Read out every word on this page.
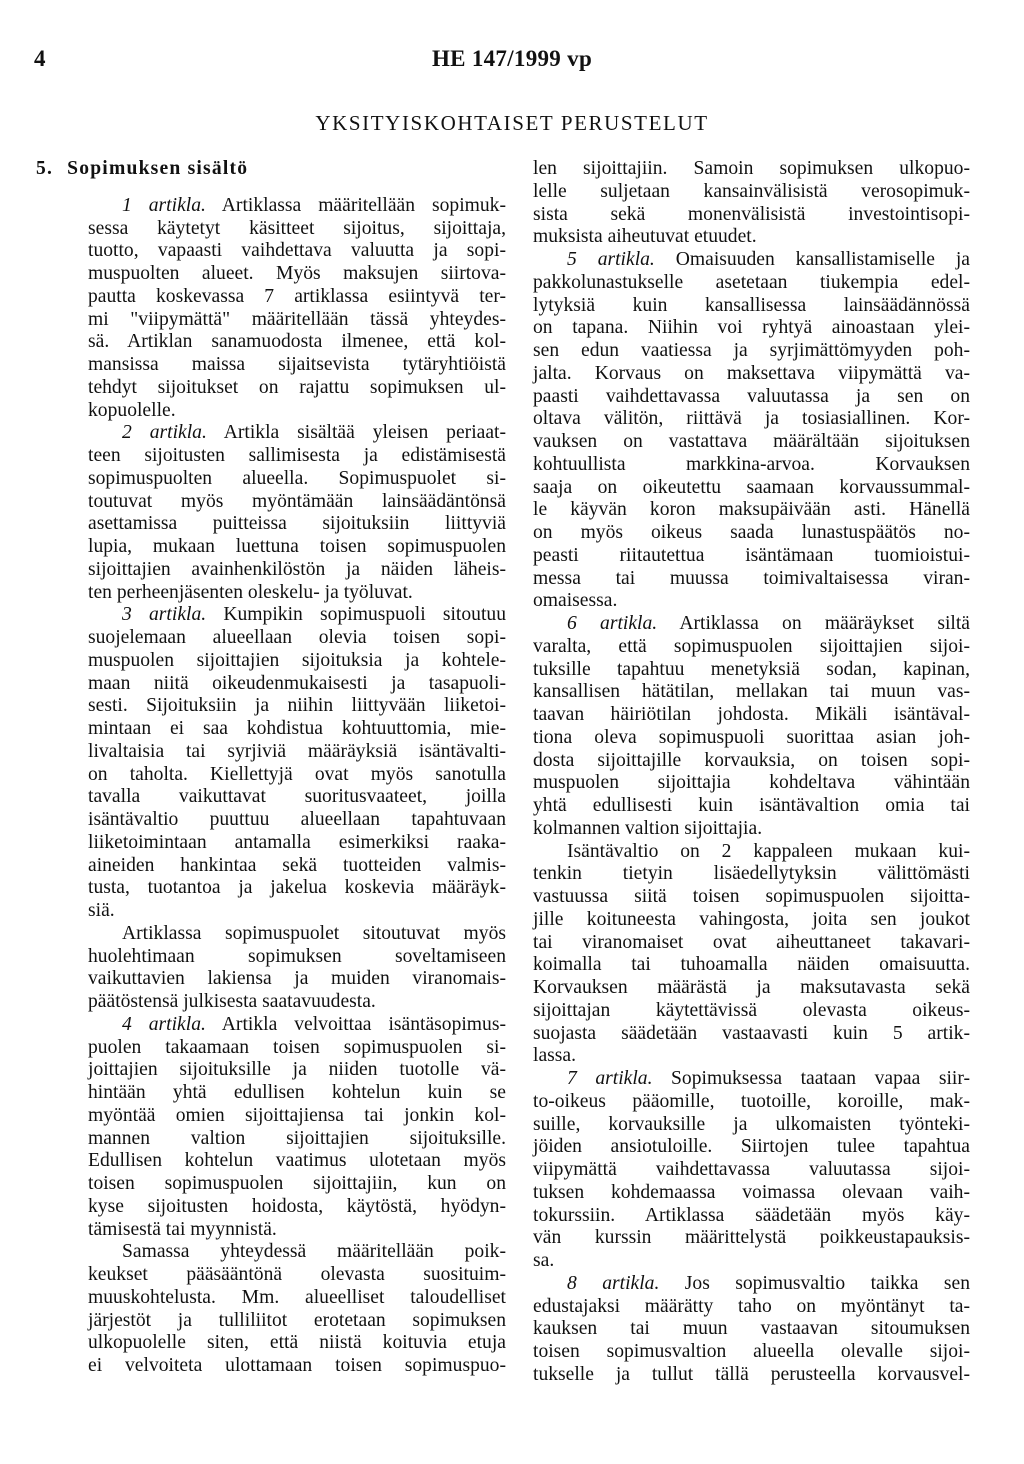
4	HE 147/1999 vp
YKSITYISKOHTAISET PERUSTELUT
5. Sopimuksen sisältö
1 artikla. Artiklassa määritellään sopimuk-
sessa käytetyt käsitteet sijoitus, sijoittaja,
tuotto, vapaasti vaihdettava valuutta ja sopi-
muspuolten alueet. Myös maksujen siirtova-
pautta koskevassa 7 artiklassa esiintyvä ter-
mi "viipymättä" määritellään tässä yhteydes-
sä. Artiklan sanamuodosta ilmenee, että kol-
mansissa maissa sijaitsevista tytäryhtiöistä
tehdyt sijoitukset on rajattu sopimuksen ul-
kopuolelle.
2 artikla. Artikla sisältää yleisen periaat-
teen sijoitusten sallimisesta ja edistämisestä
sopimuspuolten alueella. Sopimuspuolet si-
toutuvat myös myöntämään lainsäädäntönsä
asettamissa puitteissa sijoituksiin liittyviä
lupia, mukaan luettuna toisen sopimuspuolen
sijoittajien avainhenkilöstön ja näiden läheis-
ten perheenjäsenten oleskelu- ja työluvat.
3 artikla. Kumpikin sopimuspuoli sitoutuu
suojelemaan alueellaan olevia toisen sopi-
muspuolen sijoittajien sijoituksia ja kohtele-
maan niitä oikeudenmukaisesti ja tasapuoli-
sesti. Sijoituksiin ja niihin liittyvään liiketoi-
mintaan ei saa kohdistua kohtuuttomia, mie-
livaltaisia tai syrjiviä määräyksiä isäntävalti-
on taholta. Kiellettyjä ovat myös sanotulla
tavalla vaikuttavat suoritusvaateet, joilla
isäntävaltio puuttuu alueellaan tapahtuvaan
liiketoimintaan antamalla esimerkiksi raaka-
aineiden hankintaa sekä tuotteiden valmis-
tusta, tuotantoa ja jakelua koskevia määräyk-
siä.
Artiklassa sopimuspuolet sitoutuvat myös
huolehtimaan sopimuksen soveltamiseen
vaikuttavien lakiensa ja muiden viranomais-
päätöstensä julkisesta saatavuudesta.
4 artikla. Artikla velvoittaa isäntäsopimus-
puolen takaamaan toisen sopimuspuolen si-
joittajien sijoituksille ja niiden tuotolle vä-
hintään yhtä edullisen kohtelun kuin se
myöntää omien sijoittajiensa tai jonkin kol-
mannen valtion sijoittajien sijoituksille.
Edullisen kohtelun vaatimus ulotetaan myös
toisen sopimuspuolen sijoittajiin, kun on
kyse sijoitusten hoidosta, käytöstä, hyödyn-
tämisestä tai myynnistä.
Samassa yhteydessä määritellään poik-
keukset pääsääntönä olevasta suosituim-
muuskohtelusta. Mm. alueelliset taloudelliset
järjestöt ja tulliliitot erotetaan sopimuksen
ulkopuolelle siten, että niistä koituvia etuja
ei velvoiteta ulottamaan toisen sopimuspuo-
len sijoittajiin. Samoin sopimuksen ulkopuo-
lelle suljetaan kansainvälisistä verosopimuk-
sista sekä monenvälisistä investointisopi-
muksista aiheutuvat etuudet.
5 artikla. Omaisuuden kansallistamiselle ja
pakkolunastukselle asetetaan tiukempia edel-
lytyksiä kuin kansallisessa lainsäädännössä
on tapana. Niihin voi ryhtyä ainoastaan ylei-
sen edun vaatiessa ja syrjimättömyyden poh-
jalta. Korvaus on maksettava viipymättä va-
paasti vaihdettavassa valuutassa ja sen on
oltava välitön, riittävä ja tosiasiallinen. Kor-
vauksen on vastattava määrältään sijoituksen
kohtuullista markkina-arvoa. Korvauksen
saaja on oikeutettu saamaan korvaussummal-
le käyvän koron maksupäivään asti. Hänellä
on myös oikeus saada lunastuspäätös no-
peasti riitautettua isäntämaan tuomioistui-
messa tai muussa toimivaltaisessa viran-
omaisessa.
6 artikla. Artiklassa on määräykset siltä
varalta, että sopimuspuolen sijoittajien sijoi-
tuksille tapahtuu menetyksiä sodan, kapinan,
kansallisen hätätilan, mellakan tai muun vas-
taavan häiriötilan johdosta. Mikäli isäntäval-
tiona oleva sopimuspuoli suorittaa asian joh-
dosta sijoittajille korvauksia, on toisen sopi-
muspuolen sijoittajia kohdeltava vähintään
yhtä edullisesti kuin isäntävaltion omia tai
kolmannen valtion sijoittajia.
Isäntävaltio on 2 kappaleen mukaan kui-
tenkin tietyin lisäedellytyksin välittömästi
vastuussa siitä toisen sopimuspuolen sijoitta-
jille koituneesta vahingosta, joita sen joukot
tai viranomaiset ovat aiheuttaneet takavari-
koimalla tai tuhoamalla näiden omaisuutta.
Korvauksen määrästä ja maksutavasta sekä
sijoittajan käytettävissä olevasta oikeus-
suojasta säädetään vastaavasti kuin 5 artik-
lassa.
7 artikla. Sopimuksessa taataan vapaa siir-
to-oikeus pääomille, tuotoille, koroille, mak-
suille, korvauksille ja ulkomaisten työnteki-
jöiden ansiotuloille. Siirtojen tulee tapahtua
viipymättä vaihdettavassa valuutassa sijoi-
tuksen kohdemaassa voimassa olevaan vaih-
tokurssiin. Artiklassa säädetään myös käy-
vän kurssin määrittelystä poikkeustapauksis-
sa.
8 artikla. Jos sopimusvaltio taikka sen
edustajaksi määrätty taho on myöntänyt ta-
kauksen tai muun vastaavan sitoumuksen
toisen sopimusvaltion alueella olevalle sijoi-
tukselle ja tullut tällä perusteella korvausvel-
